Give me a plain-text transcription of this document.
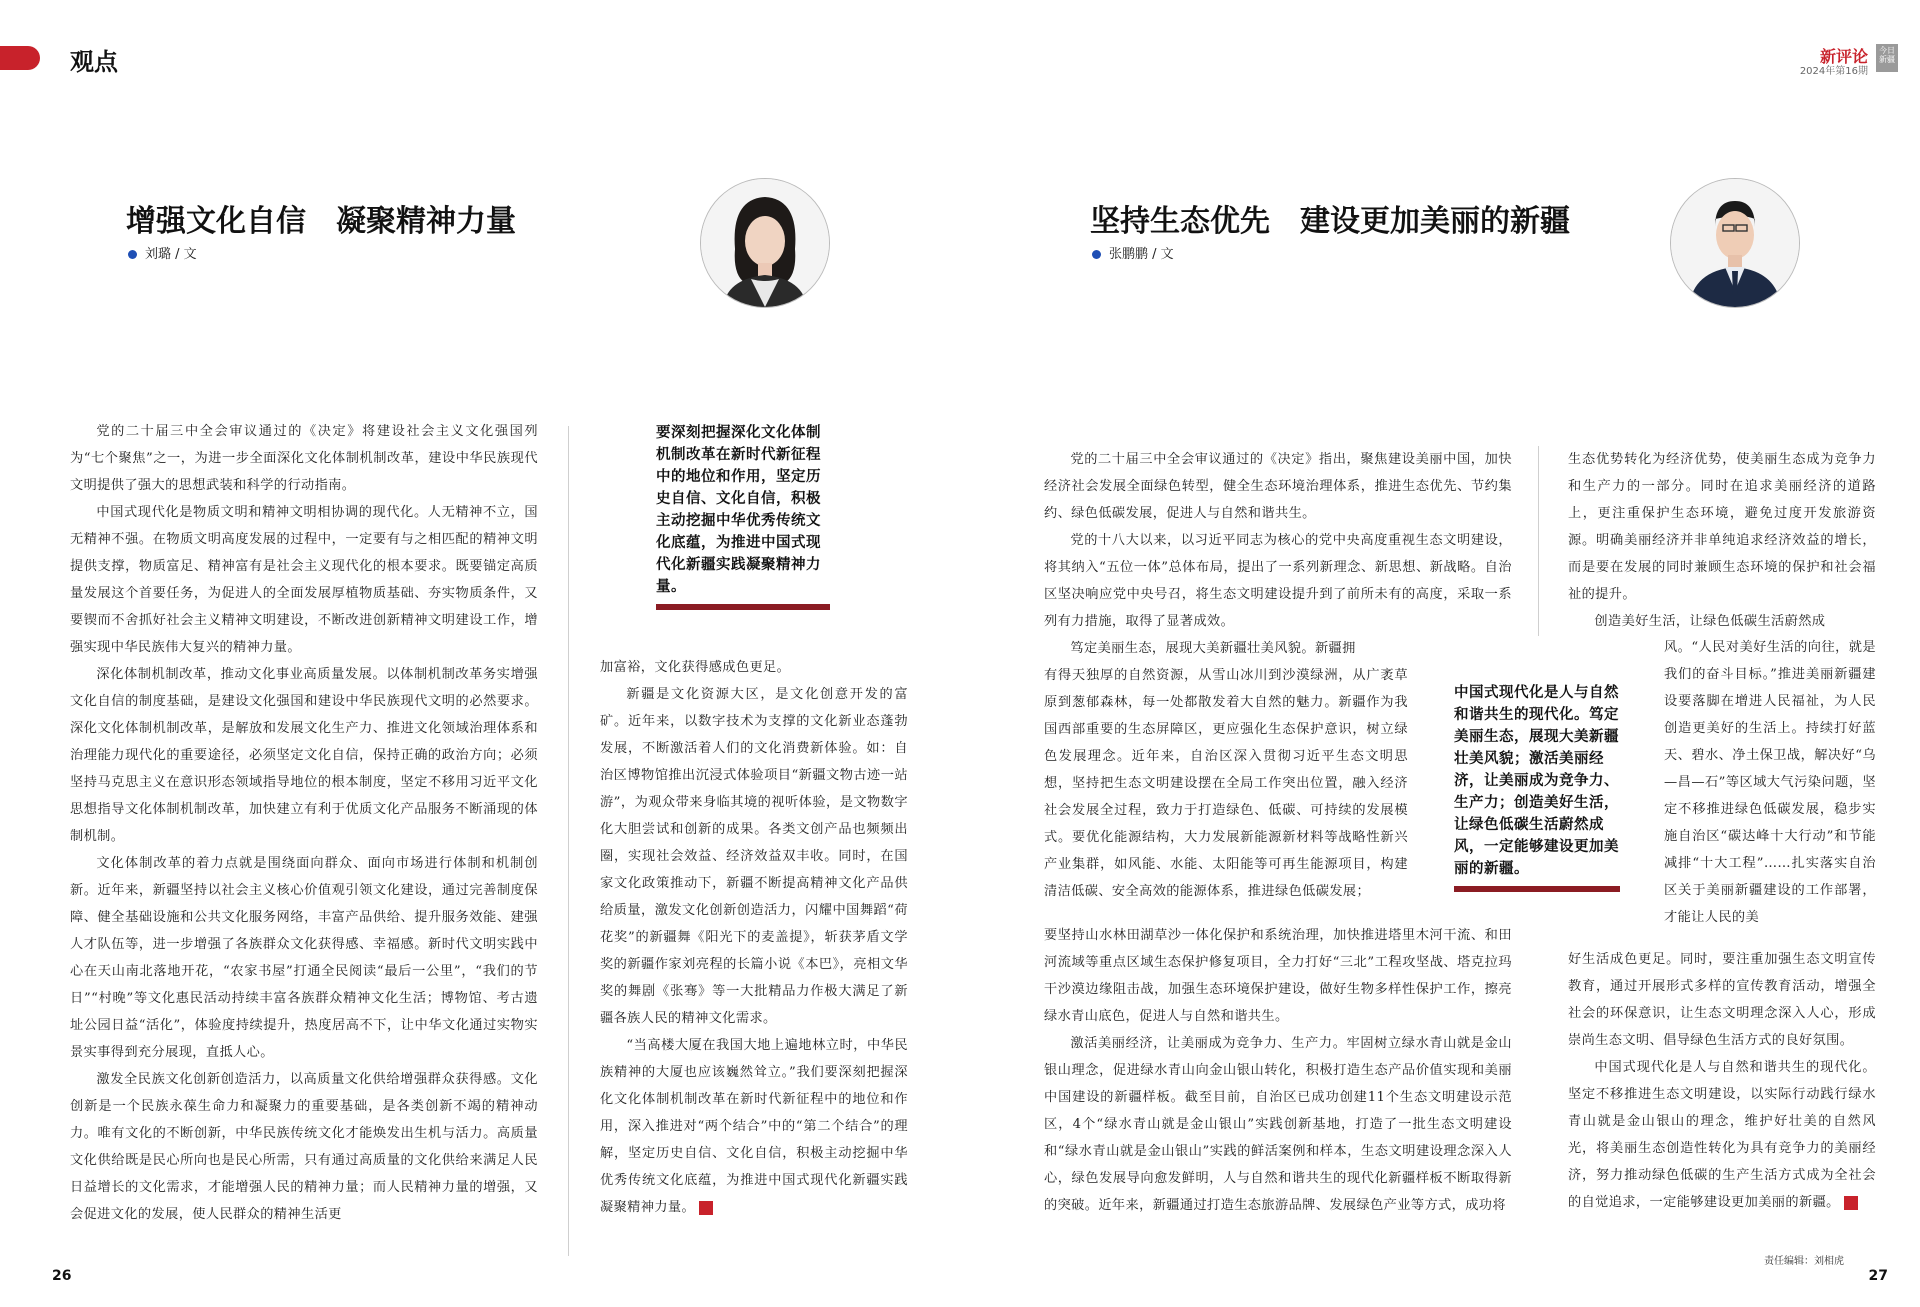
观点	新评论
2024年第16期
今日新疆
增强文化自信 凝聚精神力量
刘璐 / 文

党的二十届三中全会审议通过的《决定》将建设社会主义文化强国列为“七个聚焦”之一，为进一步全面深化文化体制机制改革，建设中华民族现代文明提供了强大的思想武装和科学的行动指南。

中国式现代化是物质文明和精神文明相协调的现代化。人无精神不立，国无精神不强。在物质文明高度发展的过程中，一定要有与之相匹配的精神文明提供支撑，物质富足、精神富有是社会主义现代化的根本要求。既要锚定高质量发展这个首要任务，为促进人的全面发展厚植物质基础、夯实物质条件，又要锲而不舍抓好社会主义精神文明建设，不断改进创新精神文明建设工作，增强实现中华民族伟大复兴的精神力量。

深化体制机制改革，推动文化事业高质量发展。以体制机制改革务实增强文化自信的制度基础，是建设文化强国和建设中华民族现代文明的必然要求。深化文化体制机制改革，是解放和发展文化生产力、推进文化领域治理体系和治理能力现代化的重要途径，必须坚定文化自信，保持正确的政治方向；必须坚持马克思主义在意识形态领域指导地位的根本制度，坚定不移用习近平文化思想指导文化体制机制改革，加快建立有利于优质文化产品服务不断涌现的体制机制。

文化体制改革的着力点就是围绕面向群众、面向市场进行体制和机制创新。近年来，新疆坚持以社会主义核心价值观引领文化建设，通过完善制度保障、健全基础设施和公共文化服务网络，丰富产品供给、提升服务效能、建强人才队伍等，进一步增强了各族群众文化获得感、幸福感。新时代文明实践中心在天山南北落地开花，“农家书屋”打通全民阅读“最后一公里”，“我们的节日”“村晚”等文化惠民活动持续丰富各族群众精神文化生活；博物馆、考古遗址公园日益“活化”，体验度持续提升，热度居高不下，让中华文化通过实物实景实事得到充分展现，直抵人心。

激发全民族文化创新创造活力，以高质量文化供给增强群众获得感。文化创新是一个民族永葆生命力和凝聚力的重要基础，是各类创新不竭的精神动力。唯有文化的不断创新，中华民族传统文化才能焕发出生机与活力。高质量文化供给既是民心所向也是民心所需，只有通过高质量的文化供给来满足人民日益增长的文化需求，才能增强人民的精神力量；而人民精神力量的增强，又会促进文化的发展，使人民群众的精神生活更

要深刻把握深化文化体制机制改革在新时代新征程中的地位和作用，坚定历史自信、文化自信，积极主动挖掘中华优秀传统文化底蕴，为推进中国式现代化新疆实践凝聚精神力量。

加富裕，文化获得感成色更足。

新疆是文化资源大区，是文化创意开发的富矿。近年来，以数字技术为支撑的文化新业态蓬勃发展，不断激活着人们的文化消费新体验。如：自治区博物馆推出沉浸式体验项目“新疆文物古迹一站游”，为观众带来身临其境的视听体验，是文物数字化大胆尝试和创新的成果。各类文创产品也频频出圈，实现社会效益、经济效益双丰收。同时，在国家文化政策推动下，新疆不断提高精神文化产品供给质量，激发文化创新创造活力，闪耀中国舞蹈“荷花奖”的新疆舞《阳光下的麦盖提》，斩获茅盾文学奖的新疆作家刘亮程的长篇小说《本巴》，亮相文华奖的舞剧《张骞》等一大批精品力作极大满足了新疆各族人民的精神文化需求。

“当高楼大厦在我国大地上遍地林立时，中华民族精神的大厦也应该巍然耸立。”我们要深刻把握深化文化体制机制改革在新时代新征程中的地位和作用，深入推进对“两个结合”中的“第二个结合”的理解，坚定历史自信、文化自信，积极主动挖掘中华优秀传统文化底蕴，为推进中国式现代化新疆实践凝聚精神力量。	J

坚持生态优先 建设更加美丽的新疆
张鹏鹏 / 文

党的二十届三中全会审议通过的《决定》指出，聚焦建设美丽中国，加快经济社会发展全面绿色转型，健全生态环境治理体系，推进生态优先、节约集约、绿色低碳发展，促进人与自然和谐共生。

党的十八大以来，以习近平同志为核心的党中央高度重视生态文明建设，将其纳入“五位一体”总体布局，提出了一系列新理念、新思想、新战略。自治区坚决响应党中央号召，将生态文明建设提升到了前所未有的高度，采取一系列有力措施，取得了显著成效。

笃定美丽生态，展现大美新疆壮美风貌。新疆拥

有得天独厚的自然资源，从雪山冰川到沙漠绿洲，从广袤草原到葱郁森林，每一处都散发着大自然的魅力。新疆作为我国西部重要的生态屏障区，更应强化生态保护意识，树立绿色发展理念。近年来，自治区深入贯彻习近平生态文明思想，坚持把生态文明建设摆在全局工作突出位置，融入经济社会发展全过程，致力于打造绿色、低碳、可持续的发展模式。要优化能源结构，大力发展新能源新材料等战略性新兴产业集群，如风能、水能、太阳能等可再生能源项目，构建清洁低碳、安全高效的能源体系，推进绿色低碳发展；

要坚持山水林田湖草沙一体化保护和系统治理，加快推进塔里木河干流、和田河流域等重点区域生态保护修复项目，全力打好“三北”工程攻坚战、塔克拉玛干沙漠边缘阻击战，加强生态环境保护建设，做好生物多样性保护工作，擦亮绿水青山底色，促进人与自然和谐共生。

激活美丽经济，让美丽成为竞争力、生产力。牢固树立绿水青山就是金山银山理念，促进绿水青山向金山银山转化，积极打造生态产品价值实现和美丽中国建设的新疆样板。截至目前，自治区已成功创建11个生态文明建设示范区，4个“绿水青山就是金山银山”实践创新基地，打造了一批生态文明建设和“绿水青山就是金山银山”实践的鲜活案例和样本，生态文明建设理念深入人心，绿色发展导向愈发鲜明，人与自然和谐共生的现代化新疆样板不断取得新的突破。近年来，新疆通过打造生态旅游品牌、发展绿色产业等方式，成功将

中国式现代化是人与自然和谐共生的现代化。笃定美丽生态，展现大美新疆壮美风貌；激活美丽经济，让美丽成为竞争力、生产力；创造美好生活，让绿色低碳生活蔚然成风，一定能够建设更加美丽的新疆。

生态优势转化为经济优势，使美丽生态成为竞争力和生产力的一部分。同时在追求美丽经济的道路上，更注重保护生态环境，避免过度开发旅游资源。明确美丽经济并非单纯追求经济效益的增长，而是要在发展的同时兼顾生态环境的保护和社会福祉的提升。

创造美好生活，让绿色低碳生活蔚然成

风。“人民对美好生活的向往，就是我们的奋斗目标。”推进美丽新疆建设要落脚在增进人民福祉，为人民创造更美好的生活上。持续打好蓝天、碧水、净土保卫战，解决好“乌—昌—石”等区域大气污染问题，坚定不移推进绿色低碳发展，稳步实施自治区“碳达峰十大行动”和节能减排“十大工程”……扎实落实自治区关于美丽新疆建设的工作部署，才能让人民的美

好生活成色更足。同时，要注重加强生态文明宣传教育，通过开展形式多样的宣传教育活动，增强全社会的环保意识，让生态文明理念深入人心，形成崇尚生态文明、倡导绿色生活方式的良好氛围。

中国式现代化是人与自然和谐共生的现代化。坚定不移推进生态文明建设，以实际行动践行绿水青山就是金山银山的理念，维护好壮美的自然风光，将美丽生态创造性转化为具有竞争力的美丽经济，努力推动绿色低碳的生产生活方式成为全社会的自觉追求，一定能够建设更加美丽的新疆。	J

26	27
责任编辑：刘相虎
